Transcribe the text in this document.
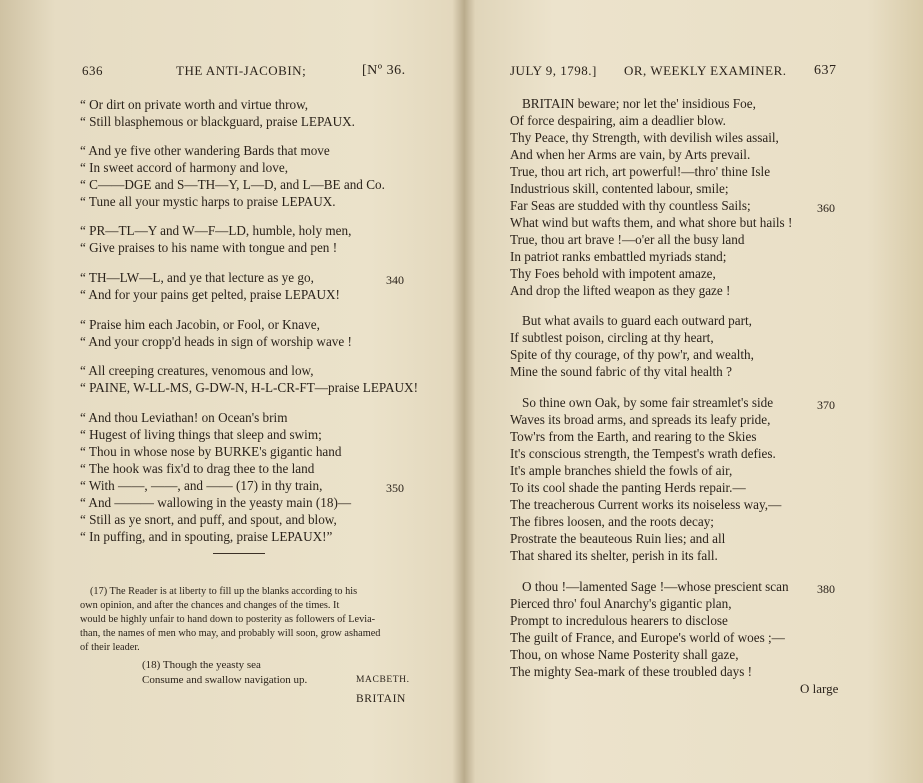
636	THE ANTI-JACOBIN;	[Nº 36.
“ Or dirt on private worth and virtue throw,
“ Still blasphemous or blackguard, praise LEPAUX.
“ And ye five other wandering Bards that move
“ In sweet accord of harmony and love,
“ C——DGE and S—TH—Y, L—D, and L—BE and Co.
“ Tune all your mystic harps to praise LEPAUX.
“ PR—TL—Y and W—F—LD, humble, holy men,
“ Give praises to his name with tongue and pen !
“ TH—LW—L, and ye that lecture as ye go,	340
“ And for your pains get pelted, praise LEPAUX!
“ Praise him each Jacobin, or Fool, or Knave,
“ And your cropp'd heads in sign of worship wave !
“ All creeping creatures, venomous and low,
“ PAINE, W-LL-MS, G-DW-N, H-L-CR-FT—praise LEPAUX!
“ And thou Leviathan! on Ocean's brim
“ Hugest of living things that sleep and swim;
“ Thou in whose nose by BURKE's gigantic hand
“ The hook was fix'd to drag thee to the land
“ With ——, ——, and —— (17) in thy train,	350
“ And ——— wallowing in the yeasty main (18)—
“ Still as ye snort, and puff, and spout, and blow,
“ In puffing, and in spouting, praise LEPAUX!”
(17) The Reader is at liberty to fill up the blanks according to his
own opinion, and after the chances and changes of the times. It
would be highly unfair to hand down to posterity as followers of Levia-
than, the names of men who may, and probably will soon, grow ashamed
of their leader.
(18) Though the yeasty sea
Consume and swallow navigation up.	MACBETH.
BRITAIN
JULY 9, 1798.] OR, WEEKLY EXAMINER. 637
BRITAIN beware; nor let the' insidious Foe,
Of force despairing, aim a deadlier blow.
Thy Peace, thy Strength, with devilish wiles assail,
And when her Arms are vain, by Arts prevail.
True, thou art rich, art powerful!—thro' thine Isle
Industrious skill, contented labour, smile;
Far Seas are studded with thy countless Sails;	360
What wind but wafts them, and what shore but hails !
True, thou art brave !—o'er all the busy land
In patriot ranks embattled myriads stand;
Thy Foes behold with impotent amaze,
And drop the lifted weapon as they gaze !
But what avails to guard each outward part,
If subtlest poison, circling at thy heart,
Spite of thy courage, of thy pow'r, and wealth,
Mine the sound fabric of thy vital health ?
So thine own Oak, by some fair streamlet's side	370
Waves its broad arms, and spreads its leafy pride,
Tow'rs from the Earth, and rearing to the Skies
It's conscious strength, the Tempest's wrath defies.
It's ample branches shield the fowls of air,
To its cool shade the panting Herds repair.—
The treacherous Current works its noiseless way,—
The fibres loosen, and the roots decay;
Prostrate the beauteous Ruin lies; and all
That shared its shelter, perish in its fall.
O thou !—lamented Sage !—whose prescient scan 380
Pierced thro' foul Anarchy's gigantic plan,
Prompt to incredulous hearers to disclose
The guilt of France, and Europe's world of woes ;—
Thou, on whose Name Posterity shall gaze,
The mighty Sea-mark of these troubled days !
O large
